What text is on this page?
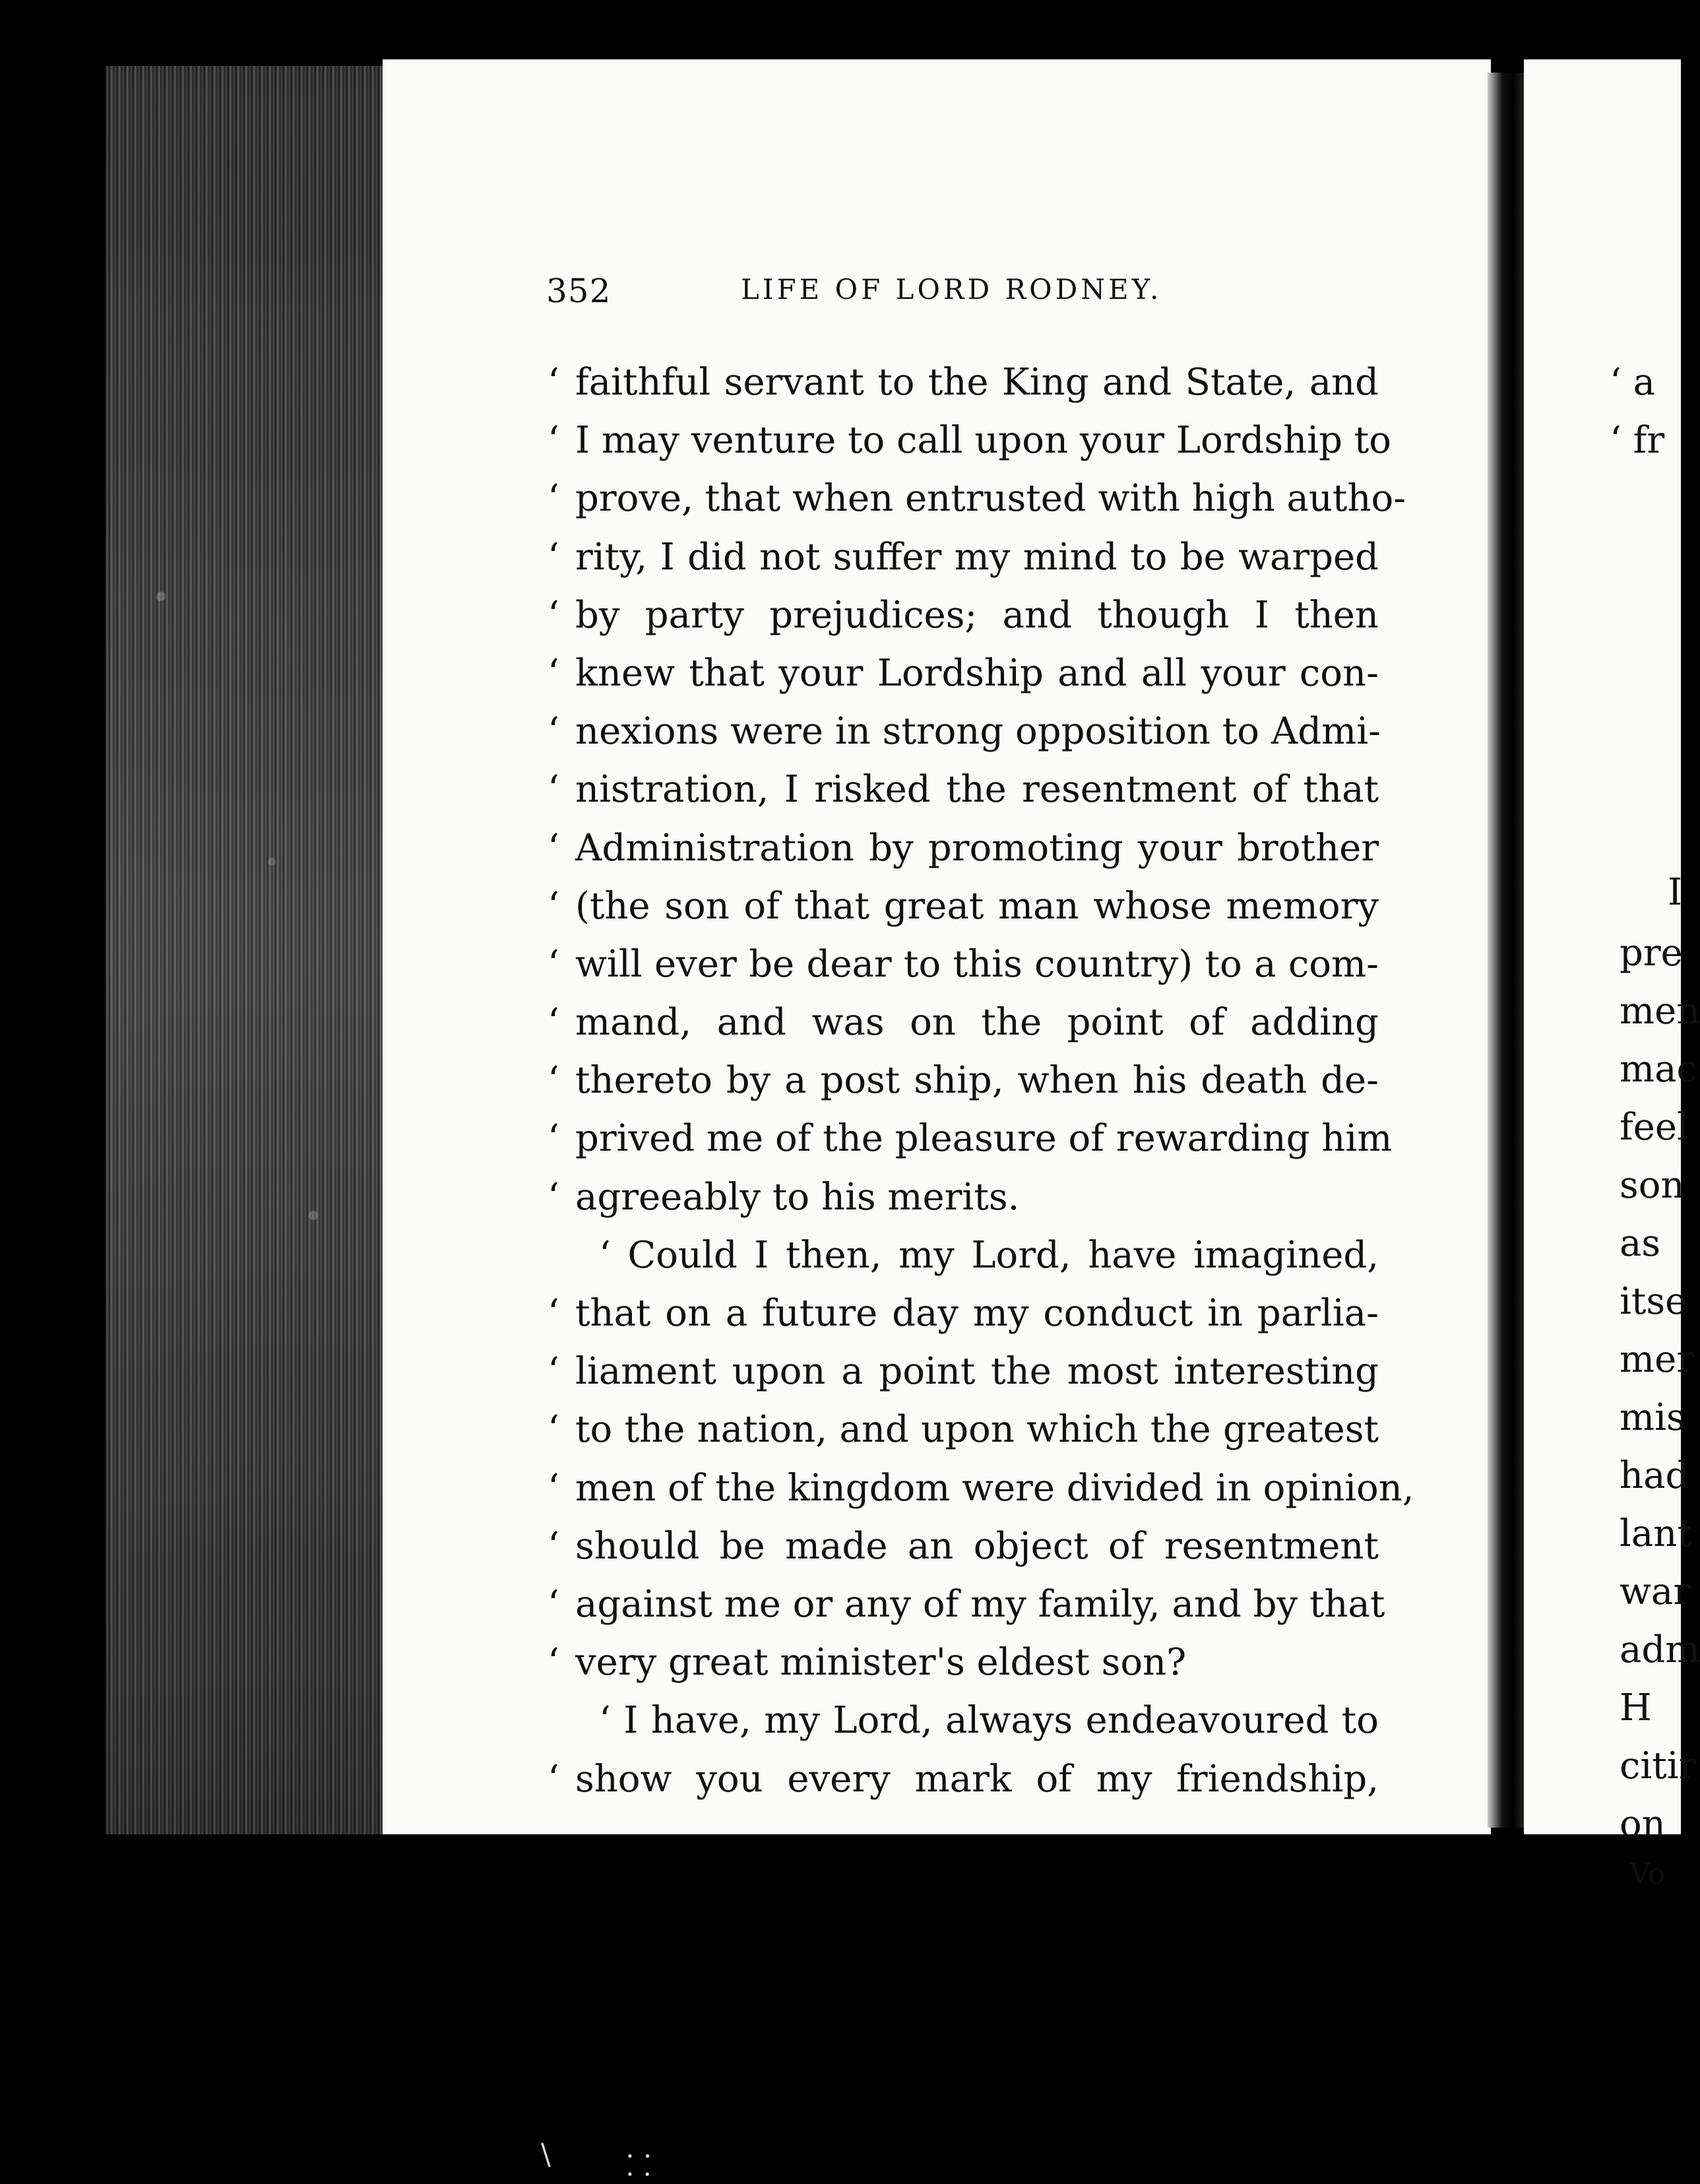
352	LIFE OF LORD RODNEY.
‘ faithful servant to the King and State, and
‘ I may venture to call upon your Lordship to
‘ prove, that when entrusted with high autho-
‘ rity, I did not suffer my mind to be warped
‘ by party prejudices; and though I then
‘ knew that your Lordship and all your con-
‘ nexions were in strong opposition to Admi-
‘ nistration, I risked the resentment of that
‘ Administration by promoting your brother
‘ (the son of that great man whose memory
‘ will ever be dear to this country) to a com-
‘ mand, and was on the point of adding
‘ thereto by a post ship, when his death de-
‘ prived me of the pleasure of rewarding him
‘ agreeably to his merits.
‘ Could I then, my Lord, have imagined,
‘ that on a future day my conduct in parlia-
‘ liament upon a point the most interesting
‘ to the nation, and upon which the greatest
‘ men of the kingdom were divided in opinion,
‘ should be made an object of resentment
‘ against me or any of my family, and by that
‘ very great minister's eldest son?
‘ I have, my Lord, always endeavoured to
‘ show you every mark of my friendship,
‘ a
‘ fr
I
pre
men
mac
feel
son
as
itse
mer
mis
had
lant
war
adm
H
citir
on
Vo
\	⸬
